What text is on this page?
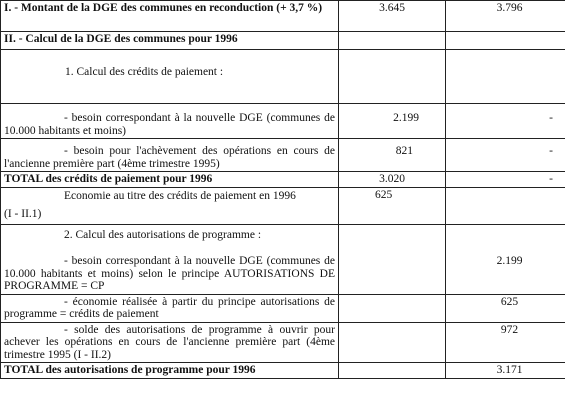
I. - Montant de la DGE des communes en reconduction (+ 3,7 %)	3.645	3.796
II. - Calcul de la DGE des communes pour 1996		
1. Calcul des crédits de paiement :		
- besoin correspondant à la nouvelle DGE (communes de 10.000 habitants et moins)	2.199	-
- besoin pour l'achèvement des opérations en cours de l'ancienne première part (4ème trimestre 1995)	821	-
TOTAL des crédits de paiement pour 1996	3.020	-

Economie au titre des crédits de paiement en 1996
(I - II.1)	625	

2. Calcul des autorisations de programme :
- besoin correspondant à la nouvelle DGE (communes de 10.000 habitants et moins) selon le principe AUTORISATIONS DE PROGRAMME = CP		2.199
- économie réalisée à partir du principe autorisations de programme = crédits de paiement		625
- solde des autorisations de programme à ouvrir pour achever les opérations en cours de l'ancienne première part (4ème trimestre 1995 (I - II.2)		972
TOTAL des autorisations de programme pour 1996		3.171
